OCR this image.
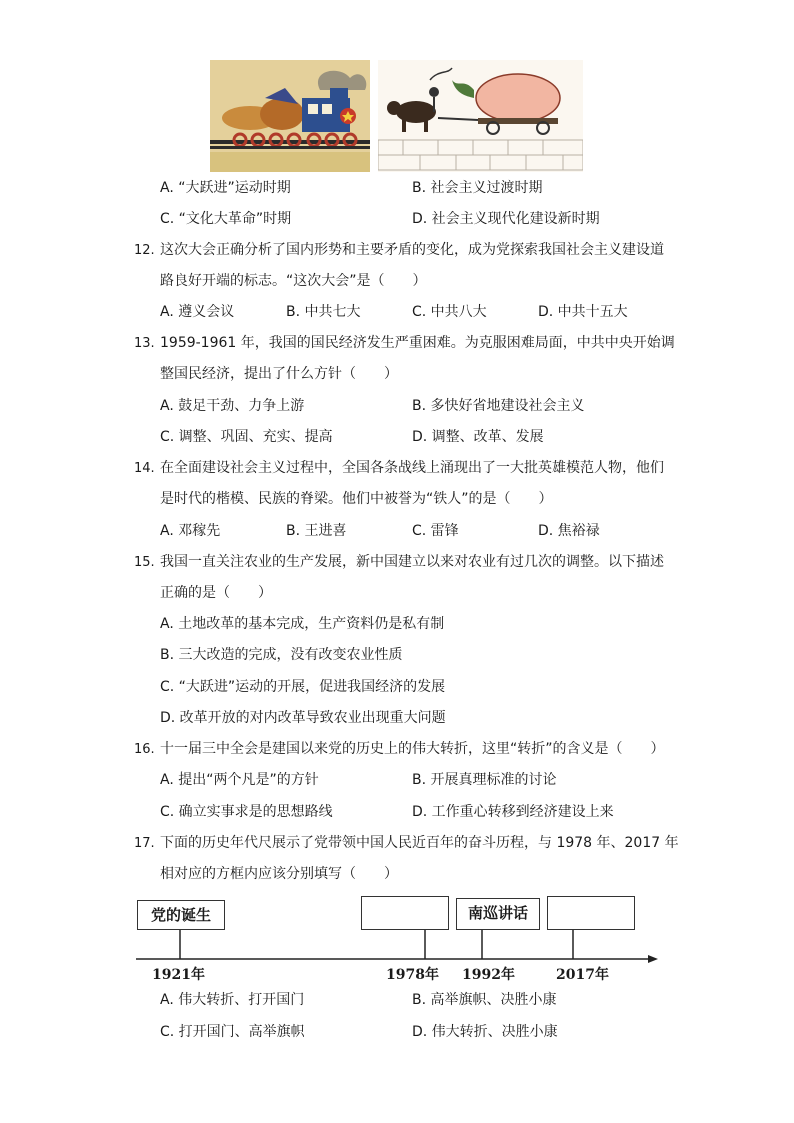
A. “大跃进”运动时期	B. 社会主义过渡时期
C. “文化大革命”时期	D. 社会主义现代化建设新时期
12. 这次大会正确分析了国内形势和主要矛盾的变化，成为党探索我国社会主义建设道
路良好开端的标志。“这次大会”是（　　）
A. 遵义会议	B. 中共七大	C. 中共八大	D. 中共十五大
13. 1959-1961 年，我国的国民经济发生严重困难。为克服困难局面，中共中央开始调
整国民经济，提出了什么方针（　　）
A. 鼓足干劲、力争上游	B. 多快好省地建设社会主义
C. 调整、巩固、充实、提高	D. 调整、改革、发展
14. 在全面建设社会主义过程中，全国各条战线上涌现出了一大批英雄模范人物，他们
是时代的楷模、民族的脊梁。他们中被誉为“铁人”的是（　　）
A. 邓稼先	B. 王进喜	C. 雷锋	D. 焦裕禄
15. 我国一直关注农业的生产发展，新中国建立以来对农业有过几次的调整。以下描述
正确的是（　　）
A. 土地改革的基本完成，生产资料仍是私有制
B. 三大改造的完成，没有改变农业性质
C. “大跃进”运动的开展，促进我国经济的发展
D. 改革开放的对内改革导致农业出现重大问题
16. 十一届三中全会是建国以来党的历史上的伟大转折，这里“转折”的含义是（　　）
A. 提出“两个凡是”的方针	B. 开展真理标准的讨论
C. 确立实事求是的思想路线	D. 工作重心转移到经济建设上来
17. 下面的历史年代尺展示了党带领中国人民近百年的奋斗历程，与 1978 年、2017 年
相对应的方框内应该分别填写（　　）
党的诞生	南巡讲话
1921年	1978年 1992年	2017年
A. 伟大转折、打开国门	B. 高举旗帜、决胜小康
C. 打开国门、高举旗帜	D. 伟大转折、决胜小康
